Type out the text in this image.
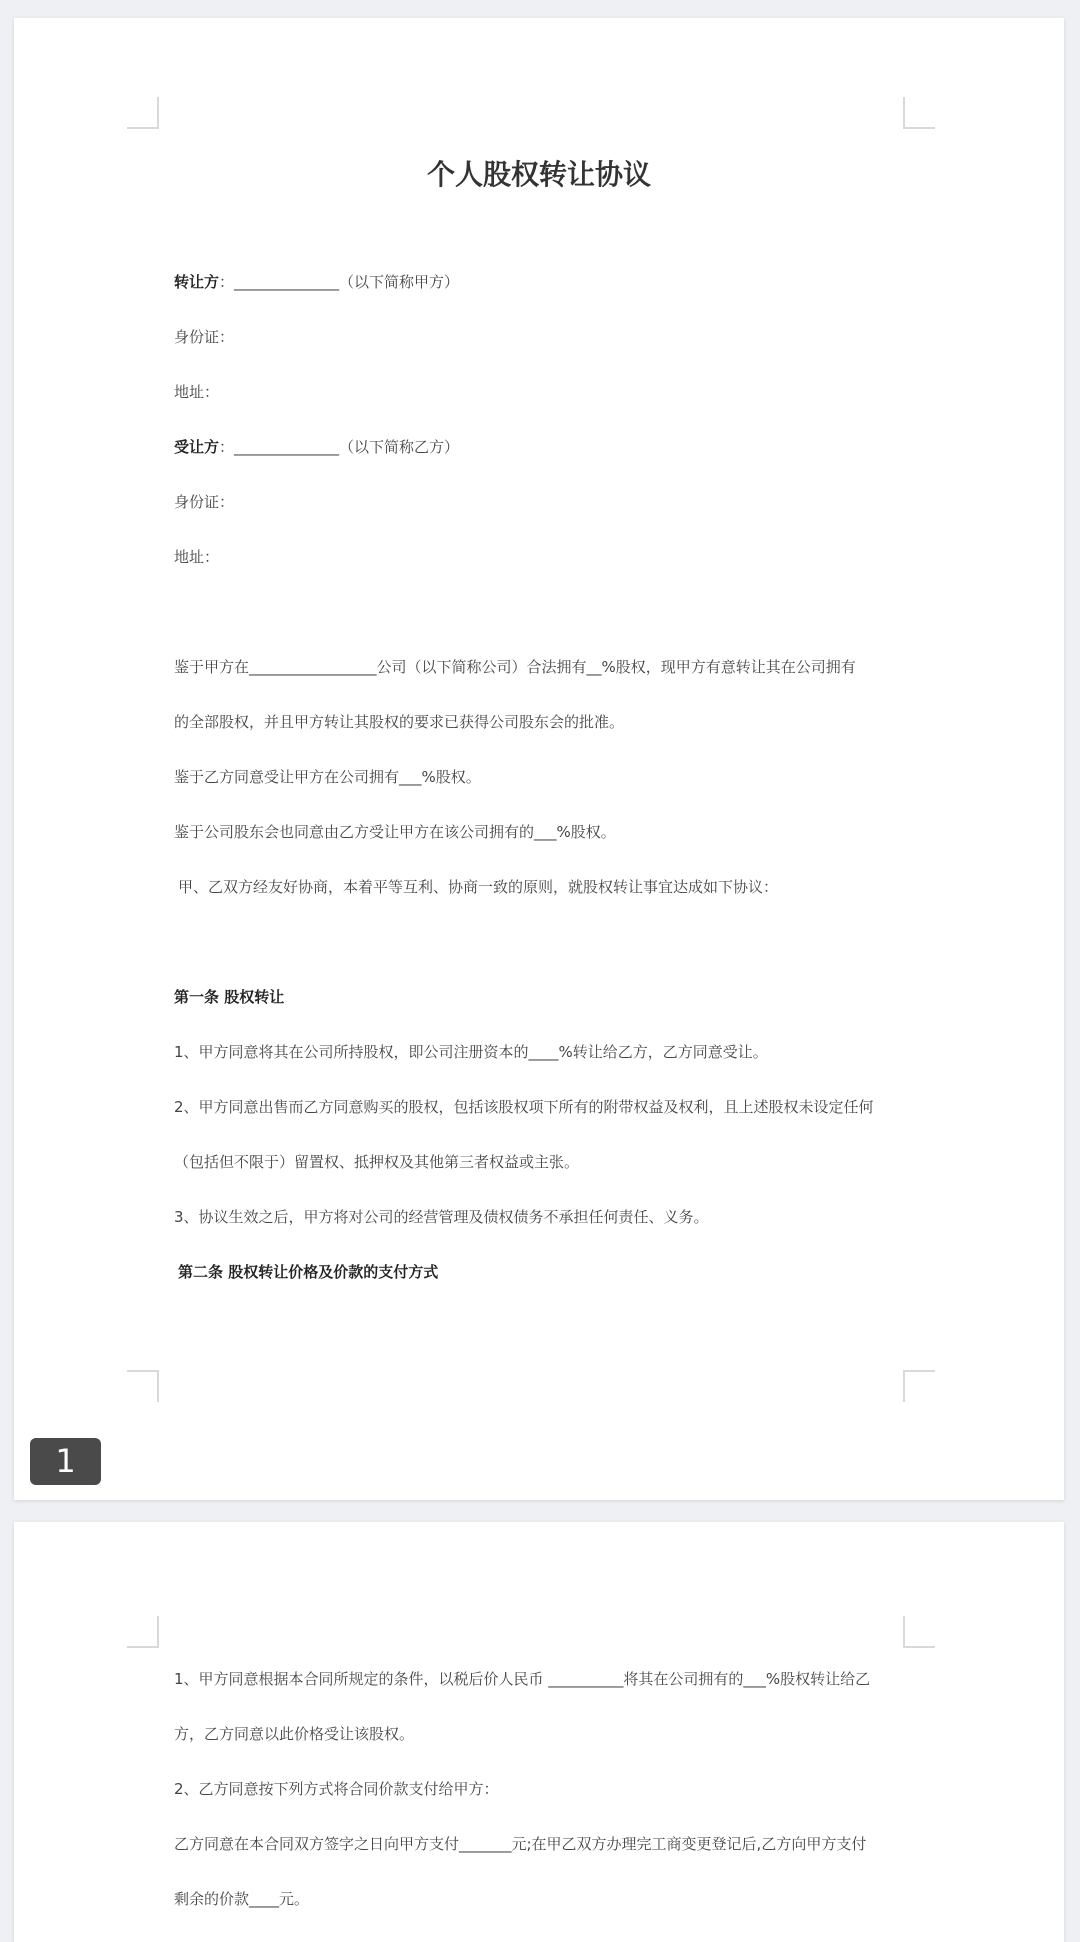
个人股权转让协议
转让方：______________（以下简称甲方）
身份证：
地址：
受让方：______________（以下简称乙方）
身份证：
地址：
鉴于甲方在_________________公司（以下简称公司）合法拥有__%股权，现甲方有意转让其在公司拥有
的全部股权，并且甲方转让其股权的要求已获得公司股东会的批准。
鉴于乙方同意受让甲方在公司拥有___%股权。
鉴于公司股东会也同意由乙方受让甲方在该公司拥有的___%股权。
甲、乙双方经友好协商，本着平等互利、协商一致的原则，就股权转让事宜达成如下协议：
第一条 股权转让
1、甲方同意将其在公司所持股权，即公司注册资本的____%转让给乙方，乙方同意受让。
2、甲方同意出售而乙方同意购买的股权，包括该股权项下所有的附带权益及权利，且上述股权未设定任何
（包括但不限于）留置权、抵押权及其他第三者权益或主张。
3、协议生效之后，甲方将对公司的经营管理及债权债务不承担任何责任、义务。
第二条 股权转让价格及价款的支付方式
1
1、甲方同意根据本合同所规定的条件，以税后价人民币 __________将其在公司拥有的___%股权转让给乙
方，乙方同意以此价格受让该股权。
2、乙方同意按下列方式将合同价款支付给甲方：
乙方同意在本合同双方签字之日向甲方支付_______元;在甲乙双方办理完工商变更登记后,乙方向甲方支付
剩余的价款____元。
